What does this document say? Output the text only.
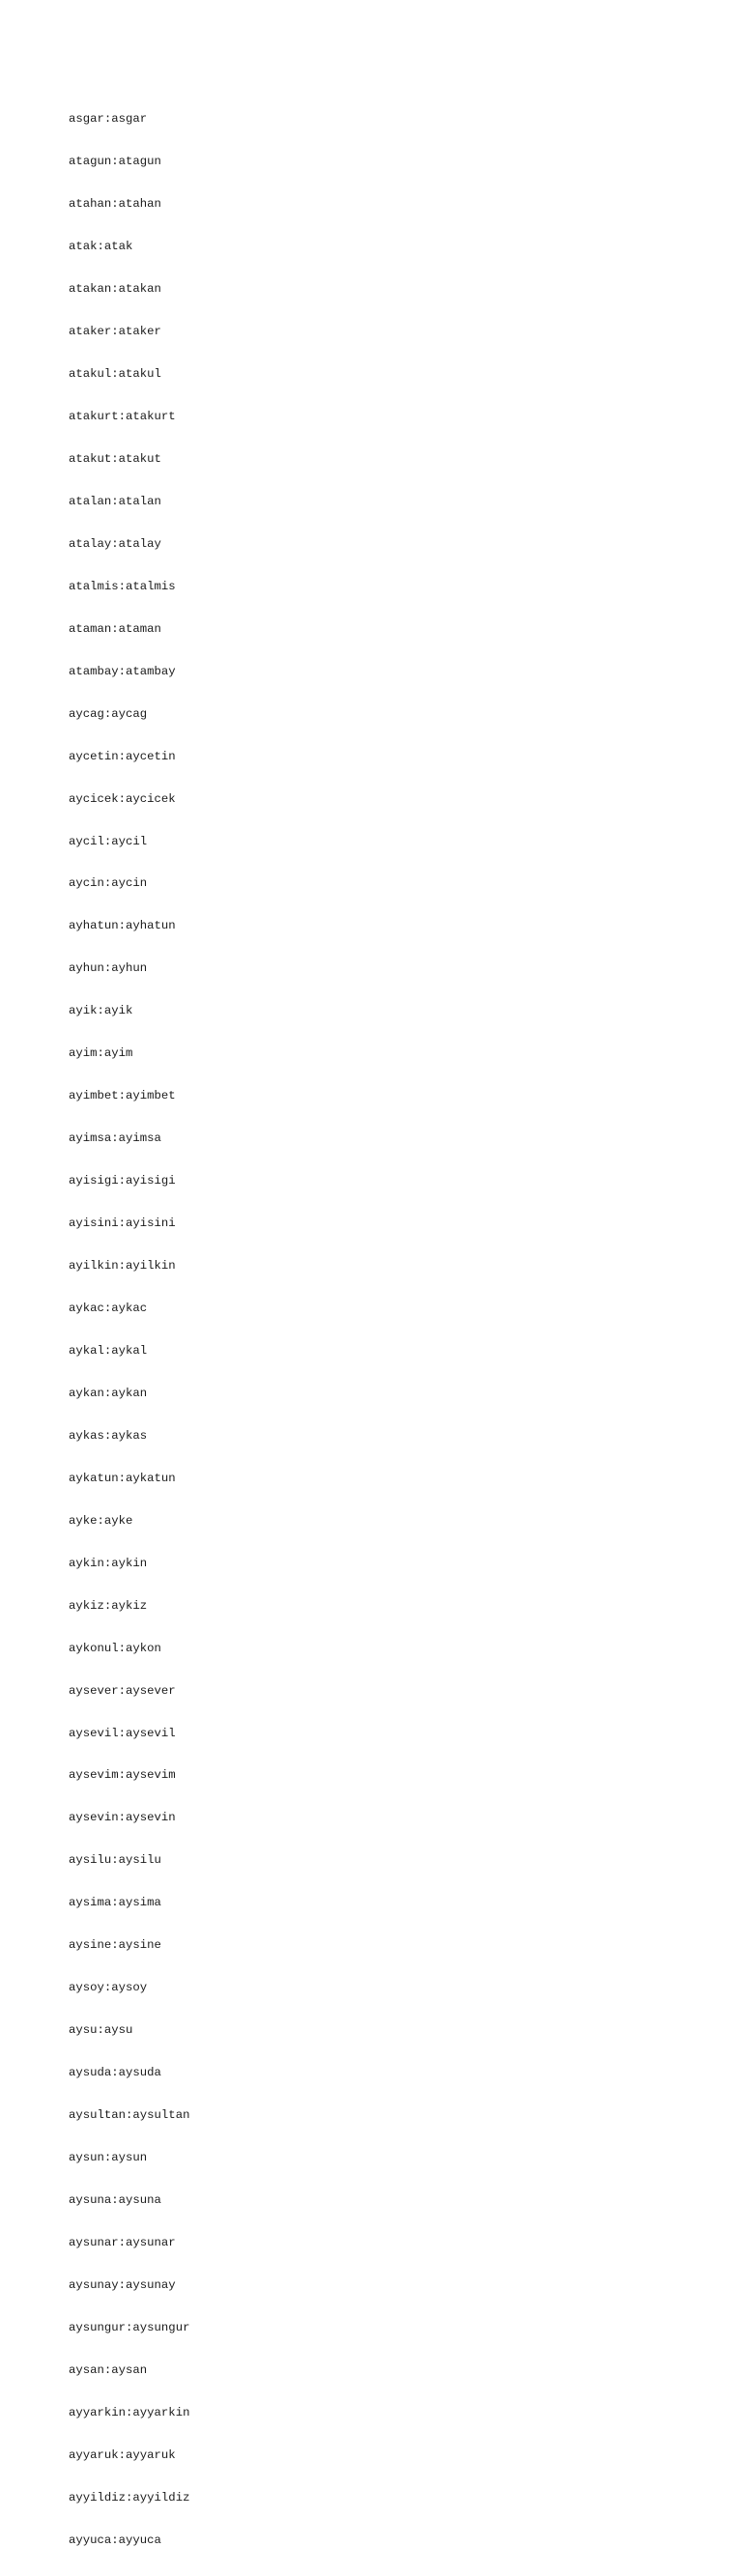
asgar:asgar

atagun:atagun

atahan:atahan

atak:atak

atakan:atakan

ataker:ataker

atakul:atakul

atakurt:atakurt

atakut:atakut

atalan:atalan

atalay:atalay

atalmis:atalmis

ataman:ataman

atambay:atambay

aycag:aycag

aycetin:aycetin

aycicek:aycicek

aycil:aycil

aycin:aycin

ayhatun:ayhatun

ayhun:ayhun

ayik:ayik

ayim:ayim

ayimbet:ayimbet

ayimsa:ayimsa

ayisigi:ayisigi

ayisini:ayisini

ayilkin:ayilkin

aykac:aykac

aykal:aykal

aykan:aykan

aykas:aykas

aykatun:aykatun

ayke:ayke

aykin:aykin

aykiz:aykiz

aykonul:aykon

aysever:aysever

aysevil:aysevil

aysevim:aysevim

aysevin:aysevin

aysilu:aysilu

aysima:aysima

aysine:aysine

aysoy:aysoy

aysu:aysu

aysuda:aysuda

aysultan:aysultan

aysun:aysun

aysuna:aysuna

aysunar:aysunar

aysunay:aysunay

aysungur:aysungur

aysan:aysan

ayyarkin:ayyarkin

ayyaruk:ayyaruk

ayyildiz:ayyildiz

ayyuca:ayyuca
